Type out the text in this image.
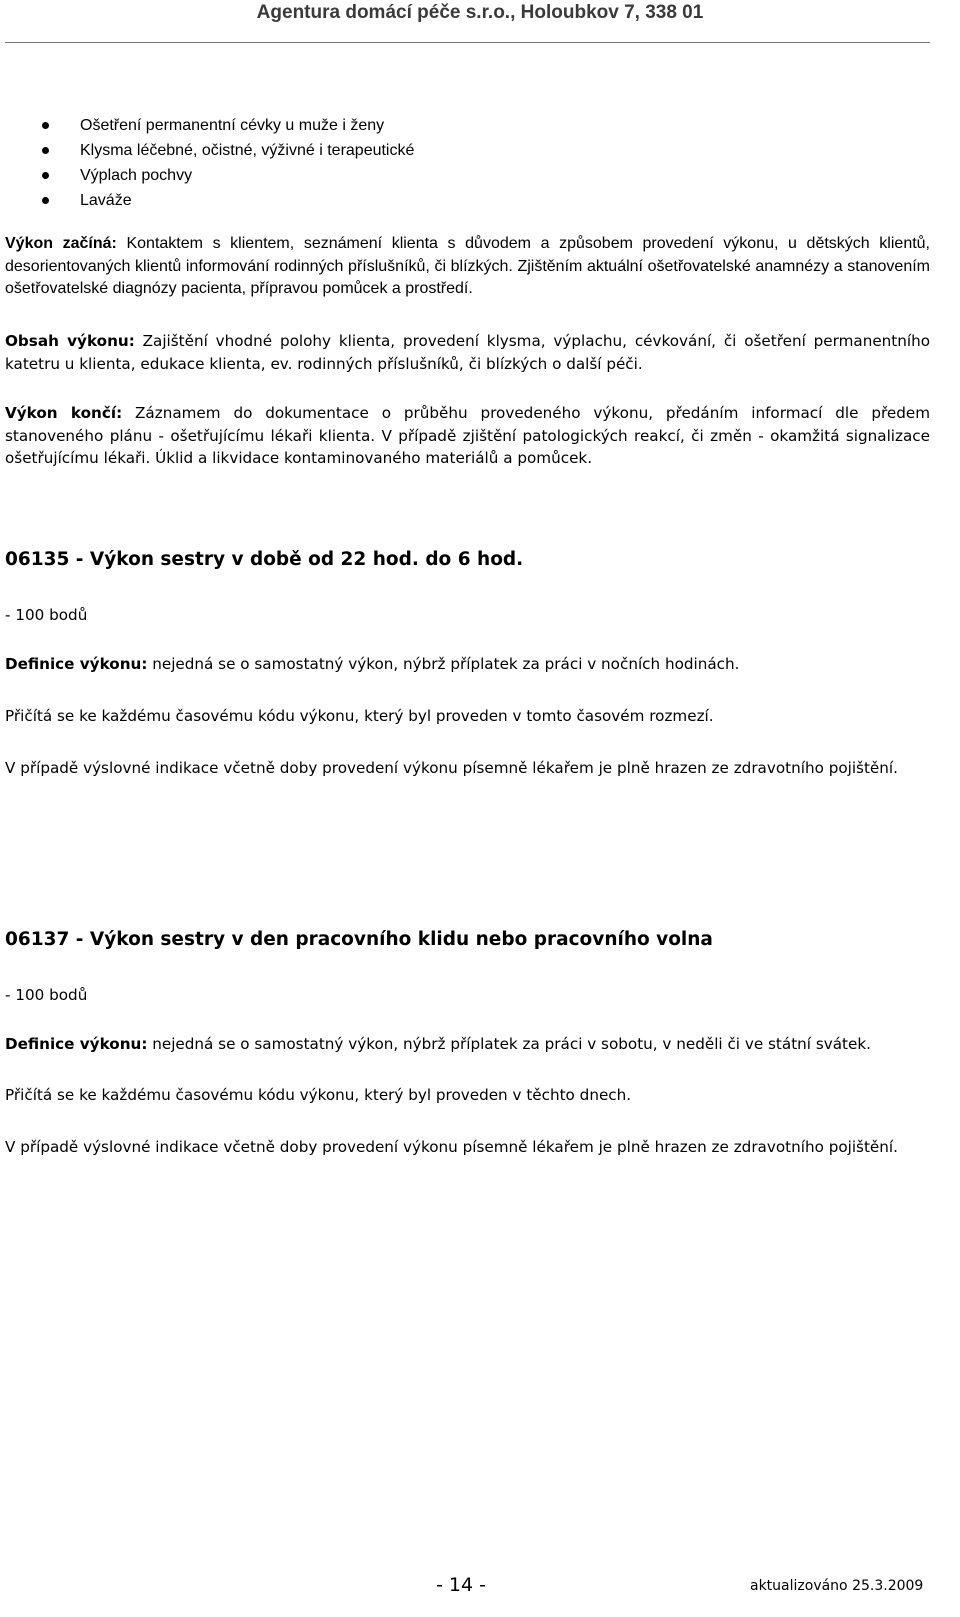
Agentura domácí péče s.r.o., Holoubkov 7, 338 01
Ošetření permanentní cévky u muže i ženy
Klysma léčebné, očistné, výživné i terapeutické
Výplach pochvy
Laváže

Výkon začíná: Kontaktem s klientem, seznámení klienta s důvodem a způsobem provedení výkonu, u dětských klientů, desorientovaných klientů informování rodinných příslušníků, či blízkých. Zjištěním aktuální ošetřovatelské anamnézy a stanovením ošetřovatelské diagnózy pacienta, přípravou pomůcek a prostředí.

Obsah výkonu: Zajištění vhodné polohy klienta, provedení klysma, výplachu, cévkování, či ošetření permanentního katetru u klienta, edukace klienta, ev. rodinných příslušníků, či blízkých o další péči.

Výkon končí: Záznamem do dokumentace o průběhu provedeného výkonu, předáním informací dle předem stanoveného plánu - ošetřujícímu lékaři klienta. V případě zjištění patologických reakcí, či změn - okamžitá signalizace ošetřujícímu lékaři. Úklid a likvidace kontaminovaného materiálů a pomůcek.

06135 - Výkon sestry v době od 22 hod. do 6 hod.

- 100 bodů

Definice výkonu: nejedná se o samostatný výkon, nýbrž příplatek za práci v nočních hodinách.

Přičítá se ke každému časovému kódu výkonu, který byl proveden v tomto časovém rozmezí.

V případě výslovné indikace včetně doby provedení výkonu písemně lékařem je plně hrazen ze zdravotního pojištění.

06137 - Výkon sestry v den pracovního klidu nebo pracovního volna

- 100 bodů

Definice výkonu: nejedná se o samostatný výkon, nýbrž příplatek za práci v sobotu, v neděli či ve státní svátek.

Přičítá se ke každému časovému kódu výkonu, který byl proveden v těchto dnech.

V případě výslovné indikace včetně doby provedení výkonu písemně lékařem je plně hrazen ze zdravotního pojištění.

- 14 -	aktualizováno 25.3.2009
